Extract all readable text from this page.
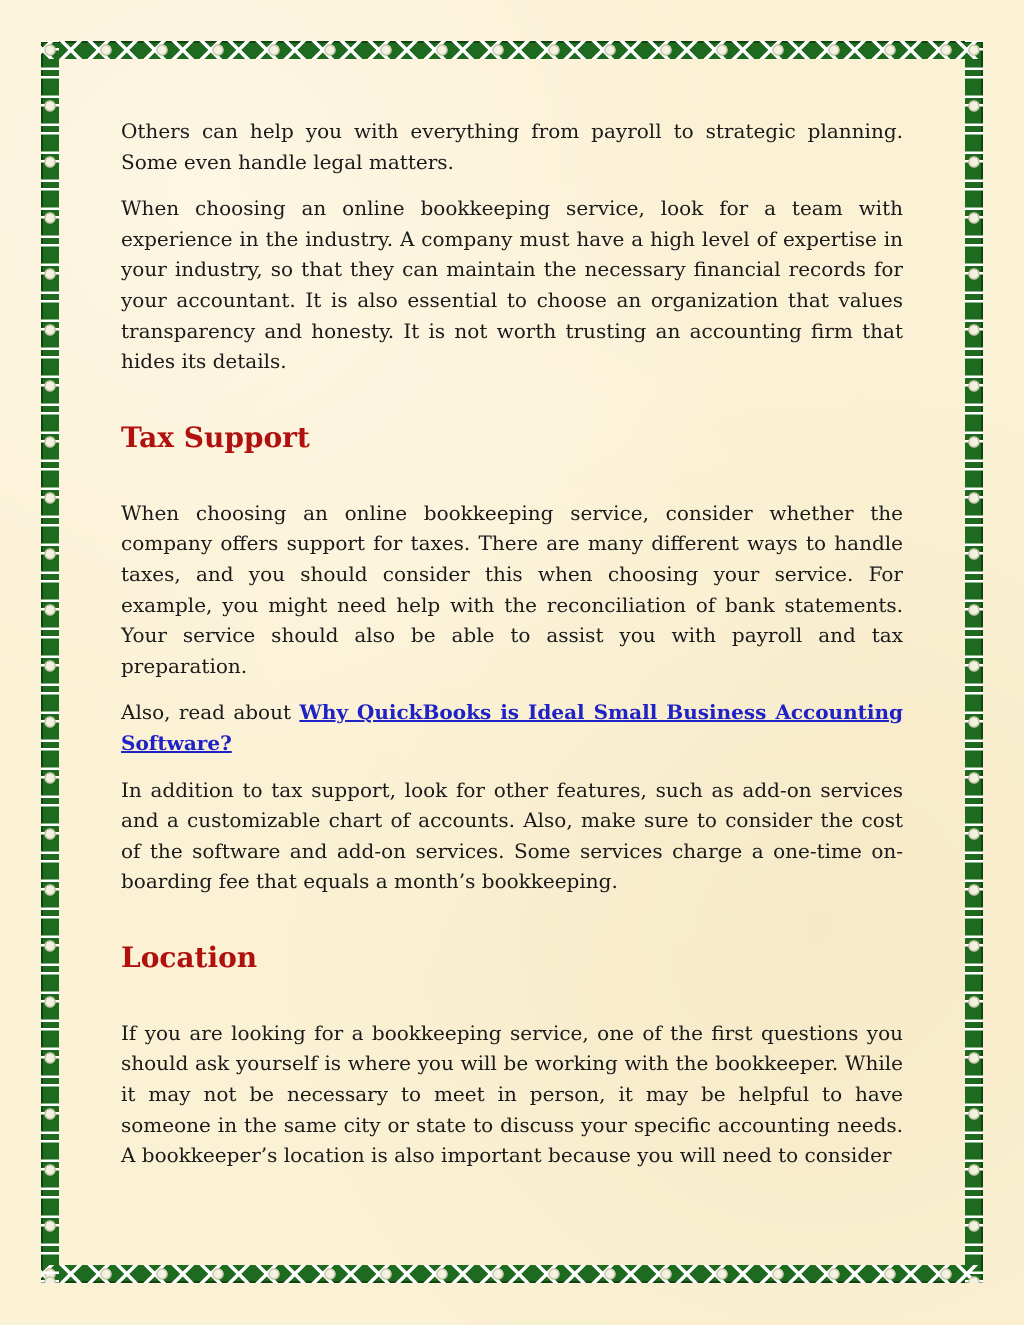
Others can help you with everything from payroll to strategic planning. Some even handle legal matters.

When choosing an online bookkeeping service, look for a team with experience in the industry. A company must have a high level of expertise in your industry, so that they can maintain the necessary financial records for your accountant. It is also essential to choose an organization that values transparency and honesty. It is not worth trusting an accounting firm that hides its details.

Tax Support

When choosing an online bookkeeping service, consider whether the company offers support for taxes. There are many different ways to handle taxes, and you should consider this when choosing your service. For example, you might need help with the reconciliation of bank statements. Your service should also be able to assist you with payroll and tax preparation.

Also, read about Why QuickBooks is Ideal Small Business Accounting Software?

In addition to tax support, look for other features, such as add-on services and a customizable chart of accounts. Also, make sure to consider the cost of the software and add-on services. Some services charge a one-time on-boarding fee that equals a month’s bookkeeping.

Location

If you are looking for a bookkeeping service, one of the first questions you should ask yourself is where you will be working with the bookkeeper. While it may not be necessary to meet in person, it may be helpful to have someone in the same city or state to discuss your specific accounting needs. A bookkeeper’s location is also important because you will need to consider
